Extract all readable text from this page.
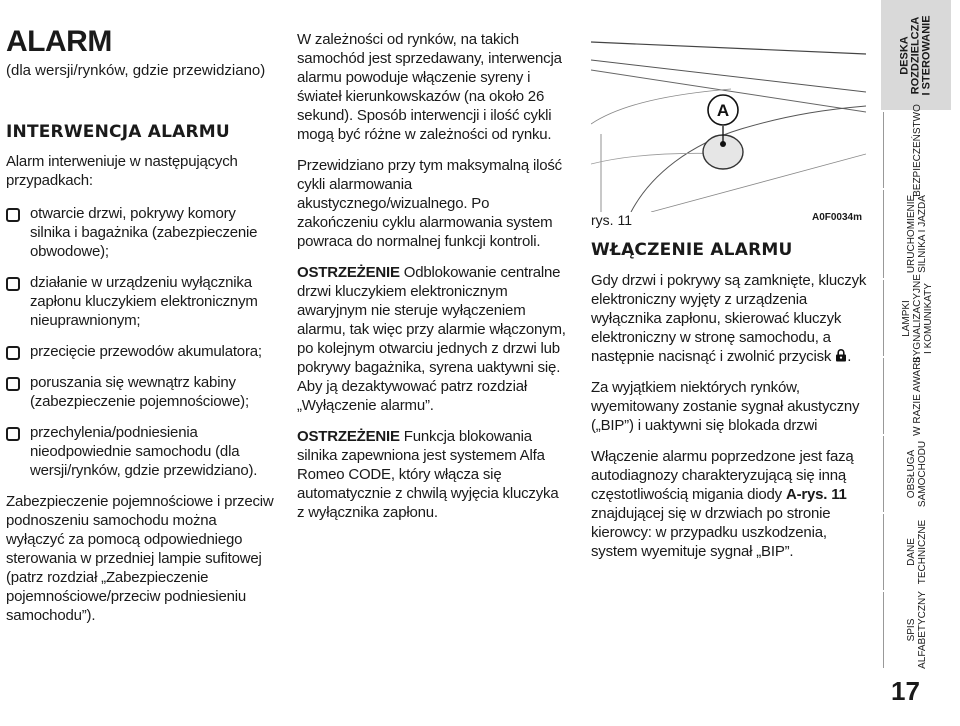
ALARM
(dla wersji/rynków, gdzie przewidziano)
INTERWENCJA ALARMU

Alarm interweniuje w następujących przypadkach:

otwarcie drzwi, pokrywy komory silnika i bagażnika (zabezpieczenie obwodowe);
działanie w urządzeniu wyłącznika zapłonu kluczykiem elektronicznym nieuprawnionym;
przecięcie przewodów akumulatora;
poruszania się wewnątrz kabiny (zabezpieczenie pojemnościowe);
przechylenia/podniesienia nieodpowiednie samochodu (dla wersji/rynków, gdzie przewidziano).

Zabezpieczenie pojemnościowe i przeciw podnoszeniu samochodu można wyłączyć za pomocą odpowiedniego sterowania w przedniej lampie sufitowej (patrz rozdział „Zabezpieczenie pojemnościowe/przeciw podniesieniu samochodu”).

W zależności od rynków, na takich samochód jest sprzedawany, interwencja alarmu powoduje włączenie syreny i świateł kierunkowskazów (na około 26 sekund). Sposób interwencji i ilość cykli mogą być różne w zależności od rynku.

Przewidziano przy tym maksymalną ilość cykli alarmowania akustycznego/wizualnego. Po zakończeniu cyklu alarmowania system powraca do normalnej funkcji kontroli.

OSTRZEŻENIE Odblokowanie centralne drzwi kluczykiem elektronicznym awaryjnym nie steruje wyłączeniem alarmu, tak więc przy alarmie włączonym, po kolejnym otwarciu jednych z drzwi lub pokrywy bagażnika, syrena uaktywni się. Aby ją dezaktywować patrz rozdział „Wyłączenie alarmu”.

OSTRZEŻENIE Funkcja blokowania silnika zapewniona jest systemem Alfa Romeo CODE, który włącza się automatycznie z chwilą wyjęcia kluczyka z wyłącznika zapłonu.

A
rys. 11	A0F0034m
WŁĄCZENIE ALARMU

Gdy drzwi i pokrywy są zamknięte, kluczyk elektroniczny wyjęty z urządzenia wyłącznika zapłonu, skierować kluczyk elektroniczny w stronę samochodu, a następnie nacisnąć i zwolnić przycisk .

Za wyjątkiem niektórych rynków, wyemitowany zostanie sygnał akustyczny („BIP”) i uaktywni się blokada drzwi

Włączenie alarmu poprzedzone jest fazą autodiagnozy charakteryzującą się inną częstotliwością migania diody A-rys. 11 znajdującej się w drzwiach po stronie kierowcy: w przypadku uszkodzenia, system wyemituje sygnał „BIP”.

DESKA
ROZDZIELCZA
I STEROWANIE
BEZPIECZEŃSTWO
URUCHOMIENIE
SILNIKA I JAZDA
LAMPKI
SYGNALIZACYJNE
I KOMUNIKATY
W RAZIE AWARII
OBSŁUGA
SAMOCHODU
DANE
TECHNICZNE
SPIS
ALFABETYCZNY
17
